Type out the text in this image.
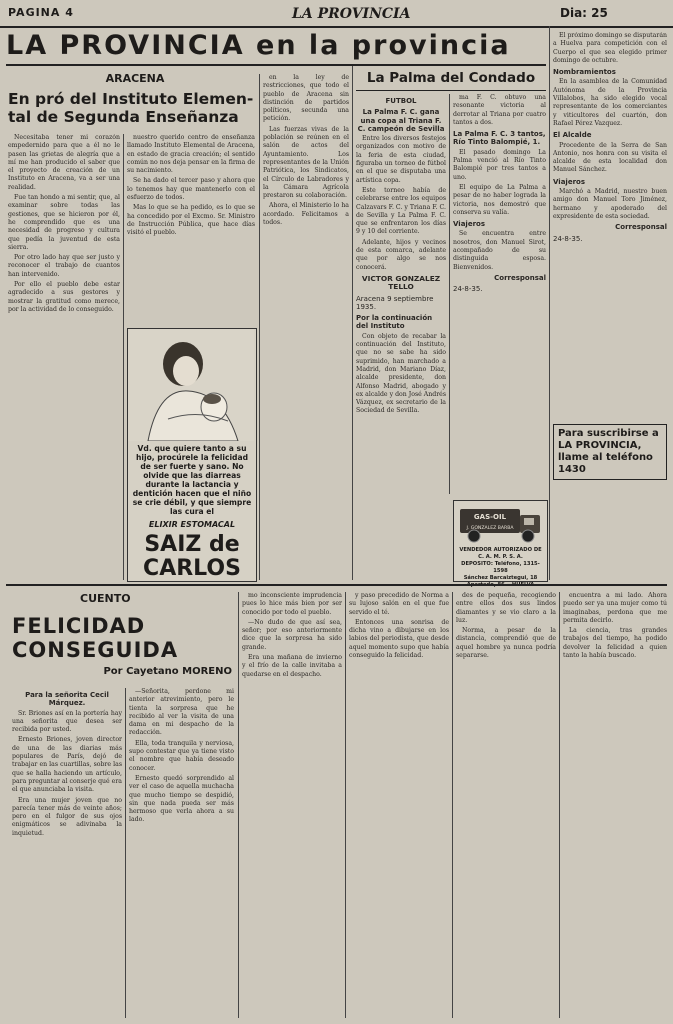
PAGINA 4	LA PROVINCIA	Dia: 25
LA PROVINCIA en la provincia
ARACENA
En pró del Instituto Elemen-
tal de Segunda Enseñanza

Necesitaba tener mi corazón empedernido para que a él no le pasen las grietas de alegría que a mí me han producido el saber que el proyecto de creación de un Instituto en Aracena, va a ser una realidad.

Fue tan hondo a mi sentir, que, al examinar sobre todas las gestiones, que se hicieron por él, he comprendido que es una necesidad de progreso y cultura que pedía la juventud de esta sierra.

Por otro lado hay que ser justo y reconocer el trabajo de cuantos han intervenido.

Por ello el pueblo debe estar agradecido a sus gestores y mostrar la gratitud como merece, por la actividad de lo conseguido.

nuestro querido centro de enseñanza llamado Instituto Elemental de Aracena, en estado de gracia creación; el sentido común no nos deja pensar en la firma de su nacimiento.

Se ha dado el tercer paso y ahora que lo tenemos hay que mantenerlo con el esfuerzo de todos.

Mas lo que se ha pedido, es lo que se ha concedido por el Excmo. Sr. Ministro de Instrucción Pública, que hace días visitó el pueblo.

en la ley de restricciones, que todo el pueblo de Aracena sin distinción de partidos políticos, secunda una petición.

Las fuerzas vivas de la población se reúnen en el salón de actos del Ayuntamiento. Los representantes de la Unión Patriótica, los Sindicatos, el Círculo de Labradores y la Cámara Agrícola prestaron su colaboración.

Ahora, el Ministerio lo ha acordado. Felicitamos a todos.

Vd. que quiere tanto a su hijo, procúrele la felicidad de ser fuerte y sano. No olvide que las diarreas durante la lactancia y dentición hacen que el niño se crie débil, y que siempre las cura el
ELIXIR ESTOMACAL
SAIZ de
CARLOS
La Palma del Condado
FUTBOL
La Palma F. C. gana una copa al Triana F. C. campeón de Sevilla

Entre los diversos festejos organizados con motivo de la feria de esta ciudad, figuraba un torneo de fútbol en el que se disputaba una artística copa.

Este torneo había de celebrarse entre los equipos Calzavars F. C. y Triana F. C. de Sevilla y La Palma F. C. que se enfrentaron los días 9 y 10 del corriente.

Adelante, hijos y vecinos de esta comarca, adelante que por algo se nos conocerá.

VICTOR GONZALEZ TELLO
Aracena 9 septiembre 1935.
Por la continuación del Instituto

Con objeto de recabar la continuación del Instituto, que no se sabe ha sido suprimido, han marchado a Madrid, don Mariano Díaz, alcalde presidente, don Alfonso Madrid, abogado y ex alcalde y don José Andrés Vázquez, ex secretario de la Sociedad de Sevilla.

ma F. C. obtuvo una resonante victoria al derrotar al Triana por cuatro tantos a dos.

La Palma F. C. 3 tantos, Río Tinto Balompié, 1.

El pasado domingo La Palma venció al Río Tinto Balompié por tres tantos a uno.

El equipo de La Palma a pesar de no haber lograda la victoria, nos demostró que conserva su valía.

Viajeros

Se encuentra entre nosotros, don Manuel Sirot, acompañado de su distinguida esposa. Bienvenidos.

Corresponsal
24-8-35.
GAS-OIL
J. GONZALEZ BARBA
VENDEDOR AUTORIZADO DE C. A. M. P. S. A.
DEPOSITO: Teléfono, 1315-1598
Sánchez Barcaiztegui, 18

El próximo domingo se disputarán a Huelva para competición con el Cuerpo el que sea elegido primer domingo de octubre.

Nombramientos

En la asamblea de la Comunidad Autónoma de la Provincia Villalobos, ha sido elegido vocal representante de los comerciantes y viticultores del cuartón, don Rafael Pérez Vazquez.

El Alcalde

Procedente de la Serra de San Antonio, nos honra con su visita el alcalde de esta localidad don Manuel Sánchez.

Viajeros

Marchó a Madrid, nuestro buen amigo don Manuel Toro Jiménez, hermano y apoderado del expresidente de esta sociedad.

Corresponsal
24-8-35.
Para suscribirse a LA PROVINCIA, llame al teléfono 1430
CUENTO
FELICIDAD
CONSEGUIDA
Por Cayetano MORENO
Para la señorita Cecil Márquez.

Sr. Briones así en la portería hay una señorita que desea ser recibida por usted.

Ernesto Briones, joven director de una de las diarias más populares de París, dejó de trabajar en las cuartillas, sobre las que se halla haciendo un artículo, para preguntar al conserje qué era el que anunciaba la visita.

Era una mujer joven que no parecía tener más de veinte años; pero en el fulgor de sus ojos enigmáticos se adivinaba la inquietud.

—Señorita, perdone mi anterior atrevimiento, pero le tienta la sorpresa que he recibido al ver la visita de una dama en mi despacho de la redacción.

Ella, toda tranquila y nerviosa, supo contestar que ya tiene visto el nombre que había deseado conocer.

Ernesto quedó sorprendido al ver el caso de aquella muchacha que mucho tiempo se despidió, sin que nada pueda ser más hermoso que verla ahora a su lado.

mo inconsciente imprudencia pues lo hice más bien por ser conocido por todo el pueblo.

—No dudo de que así sea, señor; por eso anteriormente dice que la sorpresa ha sido grande.

Era una mañana de invierno y el frío de la calle invitaba a quedarse en el despacho.

y paso precedido de Norma a su lujoso salón en el que fue servido el té.

Entonces una sonrisa de dicha vino a dibujarse en los labios del periodista, que desde aquel momento supo que había conseguido la felicidad.

des de pequeña, recogiendo entre ellos dos sus lindos diamantes y se vio claro a la luz.

Norma, a pesar de la distancia, comprendió que de aquel hombre ya nunca podría separarse.

encuentra a mi lado. Ahora puedo ser ya una mujer como tú imaginabas, perdona que me permita decirlo.

La ciencia, tras grandes trabajos del tiempo, ha podido devolver la felicidad a quien tanto la había buscado.
